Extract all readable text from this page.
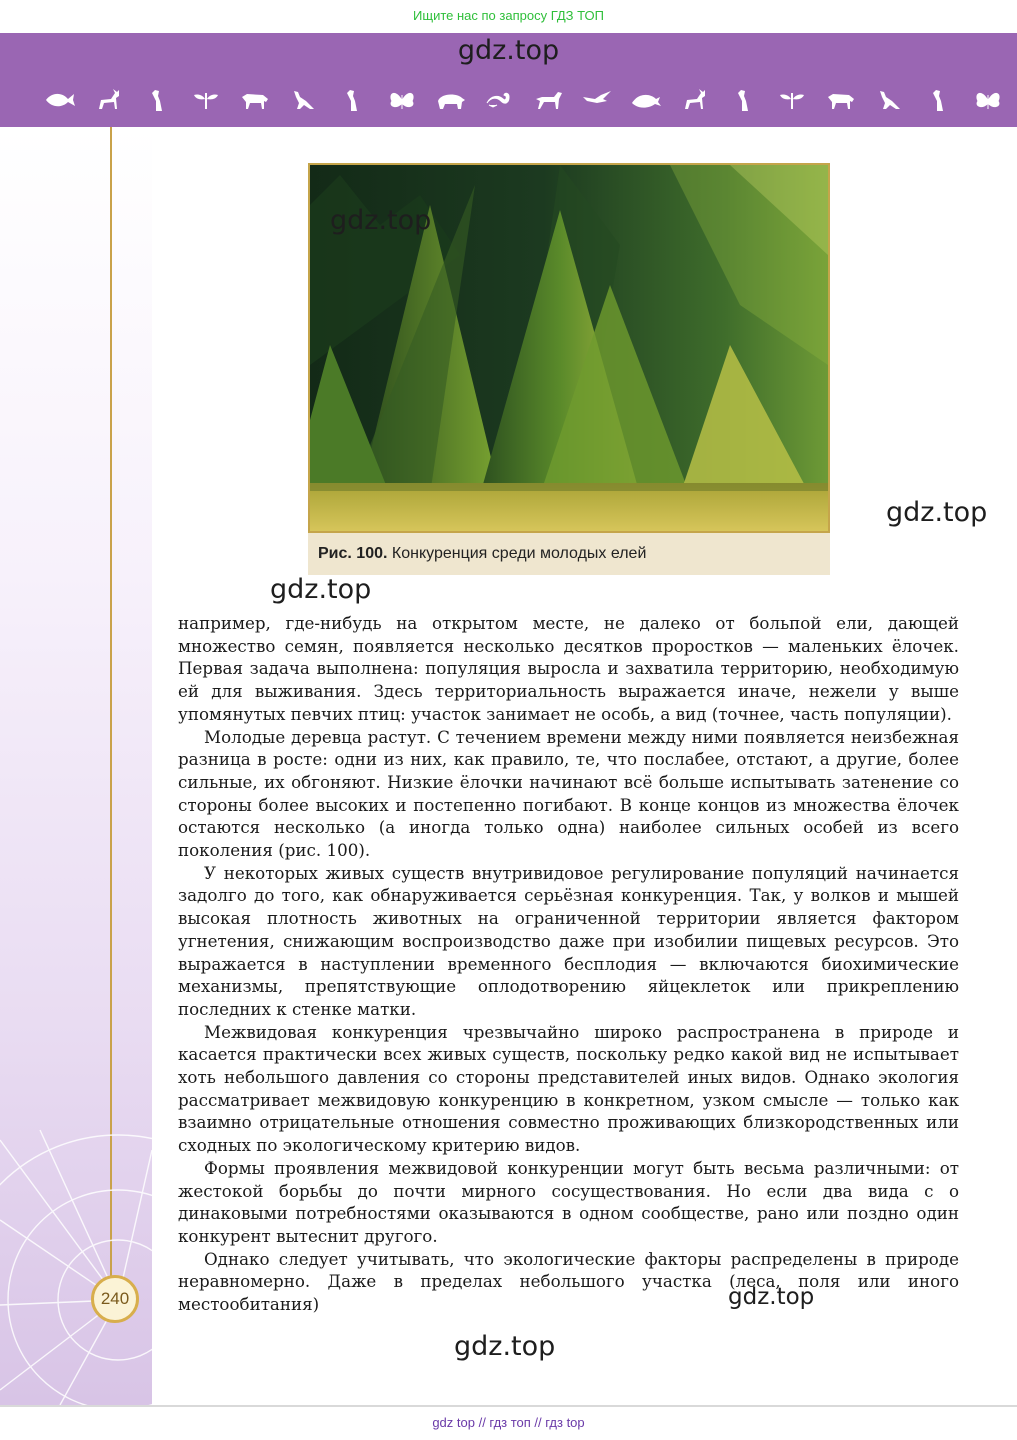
Ищите нас по запросу ГДЗ ТОП
gdz.top
240
Рис. 100. Конкуренция среди молодых елей
gdz.top
gdz.top
gdz.top

например, где-нибудь на открытом месте, не далеко от больпой ели, дающей множество семян, появляется несколько десятков проростков — маленьких ёлочек. Первая задача выполнена: популяция выросла и захватила территорию, необходимую ей для выживания. Здесь территориальность выражается иначе, нежели у выше упомянутых певчих птиц: участок занимает не особь, а вид (точнее, часть популяции).

Молодые деревца растут. С течением времени между ними появляется неизбежная разница в росте: одни из них, как правило, те, что послабее, отстают, а другие, более сильные, их обгоняют. Низкие ёлочки начинают всё больше испытывать затенение со стороны более высоких и постепенно погибают. В конце концов из множества ёлочек остаются несколько (а иногда только одна) наиболее сильных особей из всего поколения (рис. 100).

У некоторых живых существ внутривидовое регулирование популяций начинается задолго до того, как обнаруживается серьёзная конкуренция. Так, у волков и мышей высокая плотность животных на ограниченной территории является фактором угнетения, снижающим воспроизводство даже при изобилии пищевых ресурсов. Это выражается в наступлении временного бесплодия — включаются биохимические механизмы, препятствующие оплодотворению яйцеклеток или прикреплению последних к стенке матки.

Межвидовая конкуренция чрезвычайно широко распространена в природе и касается практически всех живых существ, поскольку редко какой вид не испытывает хоть небольшого давления со стороны представителей иных видов. Однако экология рассматривает межвидовую конкуренцию в конкретном, узком смысле — только как взаимно отрицательные отношения совместно проживающих близкородственных или сходных по экологическому критерию видов.

Формы проявления межвидовой конкуренции могут быть весьма различными: от жестокой борьбы до почти мирного сосуществования. Но если два вида с о динаковыми потребностями оказываются в одном сообществе, рано или поздно один конкурент вытеснит другого.

Однако следует учитывать, что экологические факторы распределены в природе неравномерно. Даже в пределах небольшого участка (леса, поля или иного местообитания)	gdz.top
gdz.top
gdz top // гдз топ // гдз top
